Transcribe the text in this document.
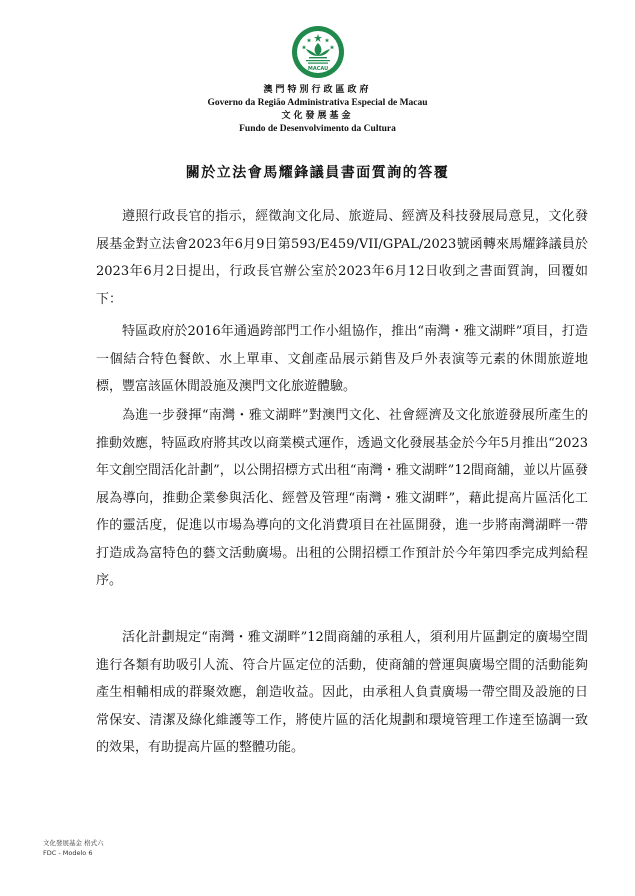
MACAU
澳門特別行政區政府
Governo da Região Administrativa Especial de Macau
文化發展基金
Fundo de Desenvolvimento da Cultura
關於立法會馬耀鋒議員書面質詢的答覆

遵照行政長官的指示，經徵詢文化局、旅遊局、經濟及科技發展局意見，文化發展基金對立法會2023年6月9日第593/E459/VII/GPAL/2023號函轉來馬耀鋒議員於2023年6月2日提出，行政長官辦公室於2023年6月12日收到之書面質詢，回覆如下：

特區政府於2016年通過跨部門工作小組協作，推出“南灣・雅文湖畔”項目，打造一個結合特色餐飲、水上單車、文創產品展示銷售及戶外表演等元素的休閒旅遊地標，豐富該區休閒設施及澳門文化旅遊體驗。

為進一步發揮“南灣・雅文湖畔”對澳門文化、社會經濟及文化旅遊發展所產生的推動效應，特區政府將其改以商業模式運作，透過文化發展基金於今年5月推出“2023年文創空間活化計劃”，以公開招標方式出租“南灣・雅文湖畔”12間商舖，並以片區發展為導向，推動企業參與活化、經營及管理“南灣・雅文湖畔”，藉此提高片區活化工作的靈活度，促進以市場為導向的文化消費項目在社區開發，進一步將南灣湖畔一帶打造成為富特色的藝文活動廣場。出租的公開招標工作預計於今年第四季完成判給程序。

活化計劃規定“南灣・雅文湖畔”12間商舖的承租人，須利用片區劃定的廣場空間進行各類有助吸引人流、符合片區定位的活動，使商舖的營運與廣場空間的活動能夠產生相輔相成的群聚效應，創造收益。因此，由承租人負責廣場一帶空間及設施的日常保安、清潔及綠化維護等工作，將使片區的活化規劃和環境管理工作達至協調一致的效果，有助提高片區的整體功能。

文化發展基金 格式六
FDC - Modelo 6
